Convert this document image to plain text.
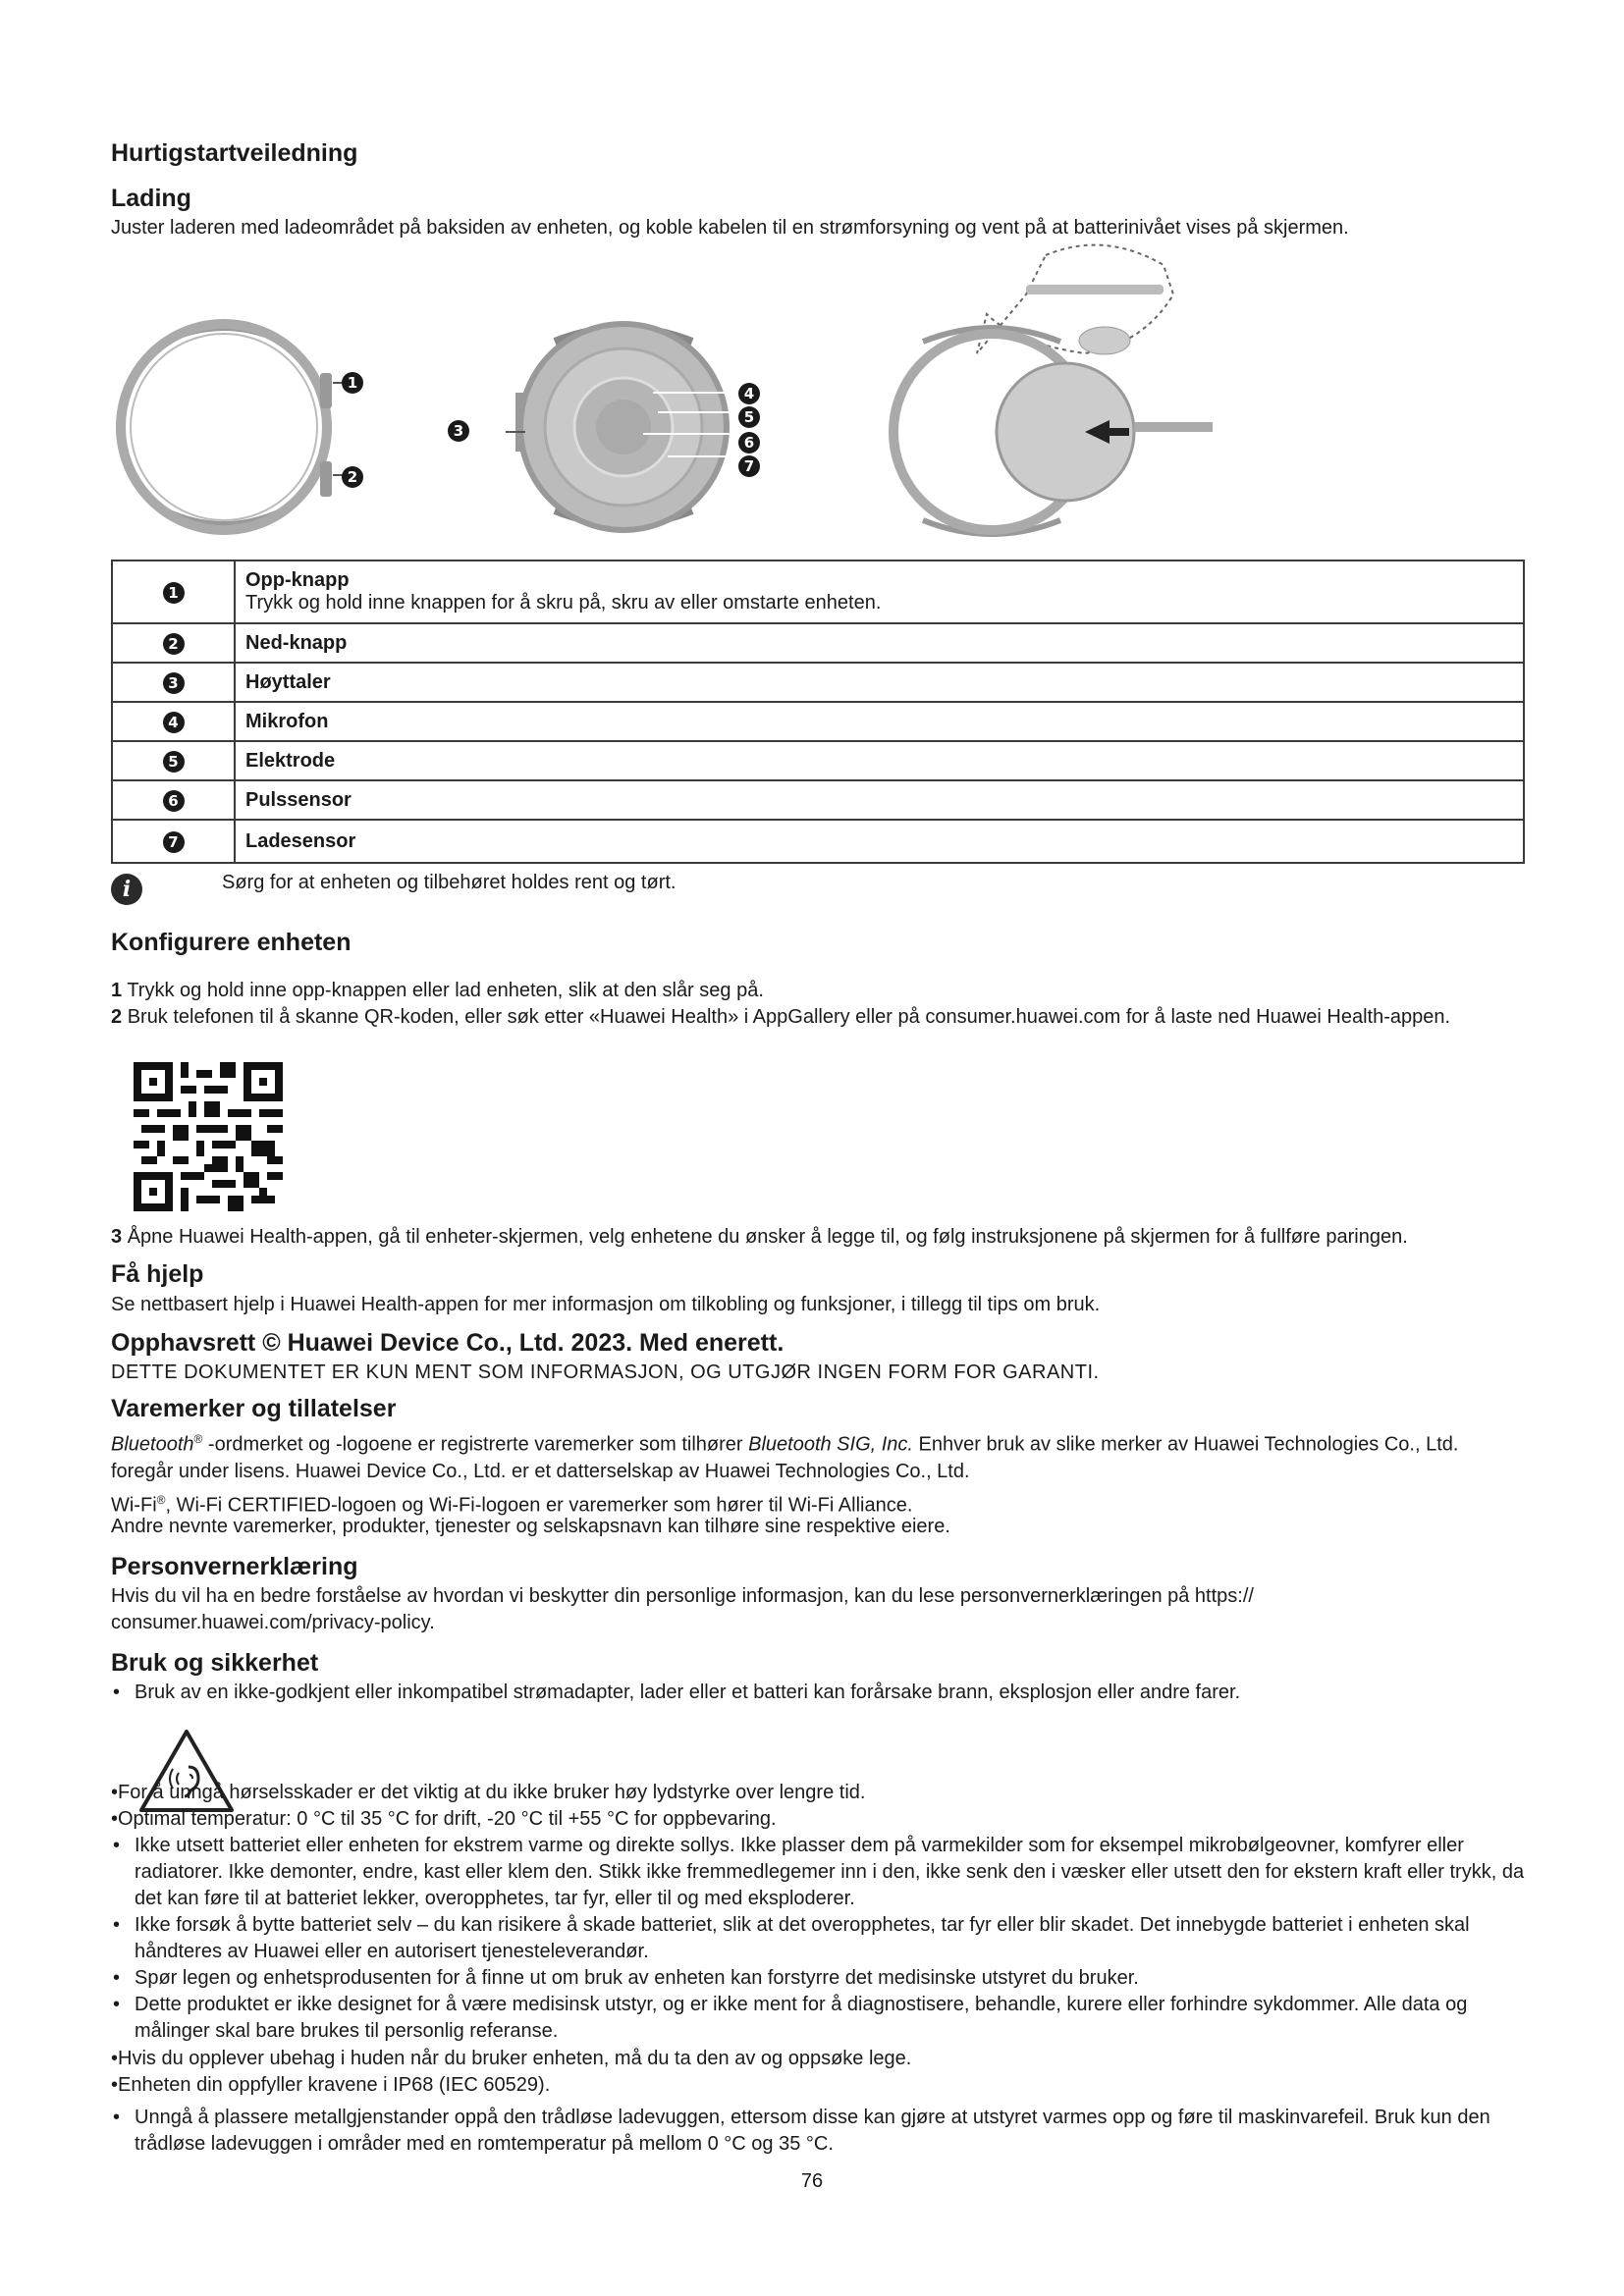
Hurtigstartveiledning
Lading

Juster laderen med ladeområdet på baksiden av enheten, og koble kabelen til en strømforsyning og vent på at batterinivået vises på skjermen.

1
2
3
4
5
6
7
1	Opp-knapp
Trykk og hold inne knappen for å skru på, skru av eller omstarte enheten.

2	Ned-knapp
3	Høyttaler
4	Mikrofon
5	Elektrode
6	Pulssensor
7	Ladesensor
i	Sørg for at enheten og tilbehøret holdes rent og tørt.

Konfigurere enheten
1 Trykk og hold inne opp-knappen eller lad enheten, slik at den slår seg på.
2 Bruk telefonen til å skanne QR-koden, eller søk etter «Huawei Health» i AppGallery eller på consumer.huawei.com for å laste ned Huawei Health-appen.
3 Åpne Huawei Health-appen, gå til enheter-skjermen, velg enhetene du ønsker å legge til, og følg instruksjonene på skjermen for å fullføre paringen.
Få hjelp

Se nettbasert hjelp i Huawei Health-appen for mer informasjon om tilkobling og funksjoner, i tillegg til tips om bruk.

Opphavsrett © Huawei Device Co., Ltd. 2023. Med enerett.

DETTE DOKUMENTET ER KUN MENT SOM INFORMASJON, OG UTGJØR INGEN FORM FOR GARANTI.

Varemerker og tillatelser

Bluetooth® -ordmerket og -logoene er registrerte varemerker som tilhører Bluetooth SIG, Inc. Enhver bruk av slike merker av Huawei Technologies Co., Ltd. foregår under lisens. Huawei Device Co., Ltd. er et datterselskap av Huawei Technologies Co., Ltd.

Wi-Fi®, Wi-Fi CERTIFIED-logoen og Wi-Fi-logoen er varemerker som hører til Wi-Fi Alliance.

Andre nevnte varemerker, produkter, tjenester og selskapsnavn kan tilhøre sine respektive eiere.

Personvernerklæring

Hvis du vil ha en bedre forståelse av hvordan vi beskytter din personlige informasjon, kan du lese personvernerklæringen på https:// consumer.huawei.com/privacy-policy.

Bruk og sikkerhet
• Bruk av en ikke-godkjent eller inkompatibel strømadapter, lader eller et batteri kan forårsake brann, eksplosjon eller andre farer.
•For å unngå hørselsskader er det viktig at du ikke bruker høy lydstyrke over lengre tid.
•Optimal temperatur: 0 °C til 35 °C for drift, -20 °C til +55 °C for oppbevaring.
• Ikke utsett batteriet eller enheten for ekstrem varme og direkte sollys. Ikke plasser dem på varmekilder som for eksempel mikrobølgeovner, komfyrer eller radiatorer. Ikke demonter, endre, kast eller klem den. Stikk ikke fremmedlegemer inn i den, ikke senk den i væsker eller utsett den for ekstern kraft eller trykk, da det kan føre til at batteriet lekker, overopphetes, tar fyr, eller til og med eksploderer.
• Ikke forsøk å bytte batteriet selv – du kan risikere å skade batteriet, slik at det overopphetes, tar fyr eller blir skadet. Det innebygde batteriet i enheten skal håndteres av Huawei eller en autorisert tjenesteleverandør.
• Spør legen og enhetsprodusenten for å finne ut om bruk av enheten kan forstyrre det medisinske utstyret du bruker.
• Dette produktet er ikke designet for å være medisinsk utstyr, og er ikke ment for å diagnostisere, behandle, kurere eller forhindre sykdommer. Alle data og målinger skal bare brukes til personlig referanse.
•Hvis du opplever ubehag i huden når du bruker enheten, må du ta den av og oppsøke lege.
•Enheten din oppfyller kravene i IP68 (IEC 60529).
• Unngå å plassere metallgjenstander oppå den trådløse ladevuggen, ettersom disse kan gjøre at utstyret varmes opp og føre til maskinvarefeil. Bruk kun den trådløse ladevuggen i områder med en romtemperatur på mellom 0 °C og 35 °C.
76
